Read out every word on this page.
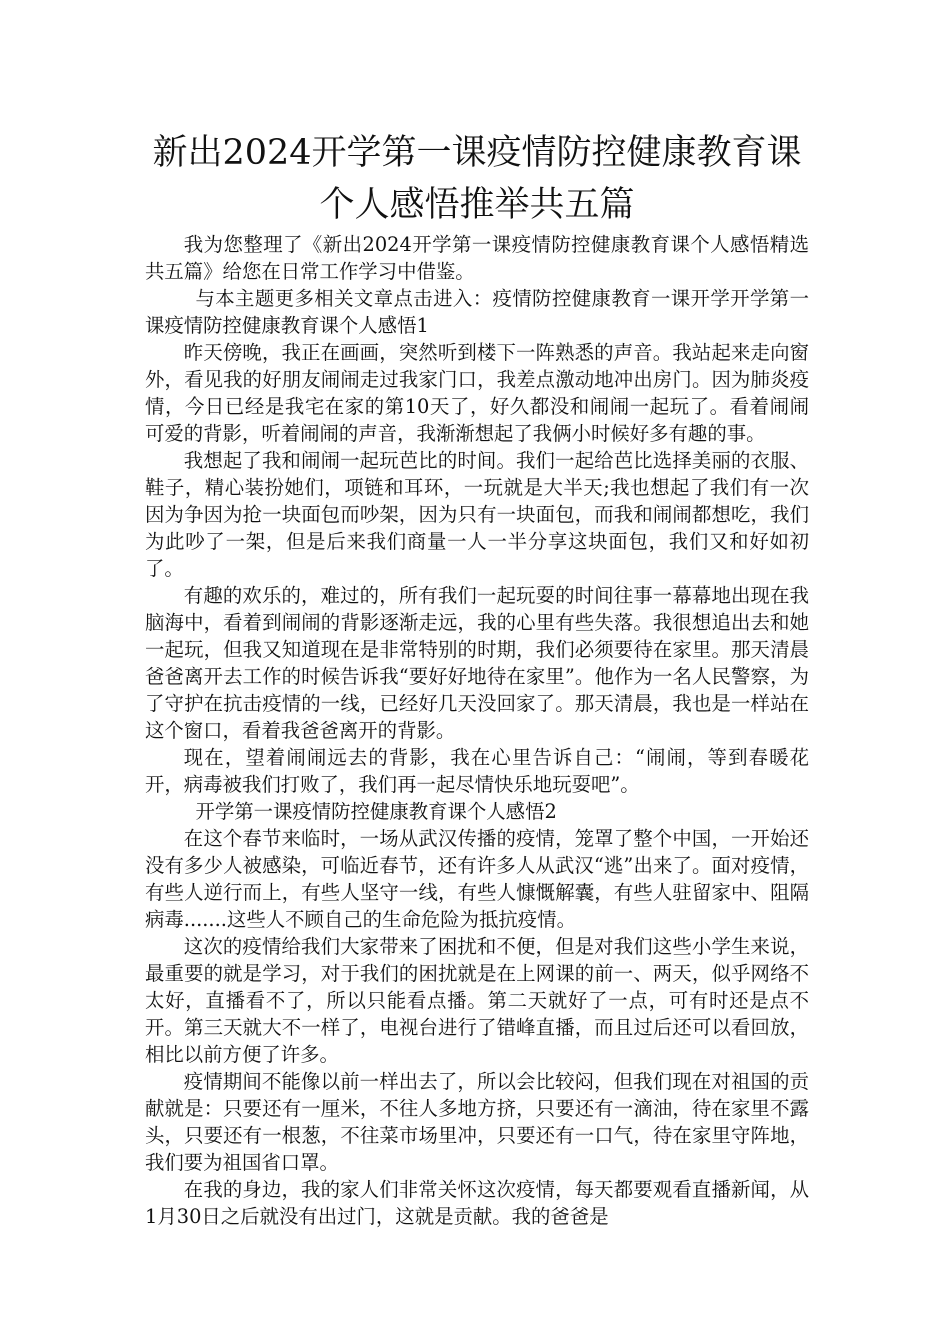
新出2024开学第一课疫情防控健康教育课个人感悟推举共五篇

我为您整理了《新出2024开学第一课疫情防控健康教育课个人感悟精选共五篇》给您在日常工作学习中借鉴。

与本主题更多相关文章点击进入：疫情防控健康教育一课开学开学第一课疫情防控健康教育课个人感悟1

昨天傍晚，我正在画画，突然听到楼下一阵熟悉的声音。我站起来走向窗外，看见我的好朋友闹闹走过我家门口，我差点激动地冲出房门。因为肺炎疫情，今日已经是我宅在家的第10天了，好久都没和闹闹一起玩了。看着闹闹可爱的背影，听着闹闹的声音，我渐渐想起了我俩小时候好多有趣的事。

我想起了我和闹闹一起玩芭比的时间。我们一起给芭比选择美丽的衣服、鞋子，精心装扮她们，项链和耳环，一玩就是大半天;我也想起了我们有一次因为争因为抢一块面包而吵架，因为只有一块面包，而我和闹闹都想吃，我们为此吵了一架，但是后来我们商量一人一半分享这块面包，我们又和好如初了。

有趣的欢乐的，难过的，所有我们一起玩耍的时间往事一幕幕地出现在我脑海中，看着到闹闹的背影逐渐走远，我的心里有些失落。我很想追出去和她一起玩，但我又知道现在是非常特别的时期，我们必须要待在家里。那天清晨爸爸离开去工作的时候告诉我“要好好地待在家里”。他作为一名人民警察，为了守护在抗击疫情的一线，已经好几天没回家了。那天清晨，我也是一样站在这个窗口，看着我爸爸离开的背影。

现在，望着闹闹远去的背影，我在心里告诉自己：“闹闹，等到春暖花开，病毒被我们打败了，我们再一起尽情快乐地玩耍吧”。

开学第一课疫情防控健康教育课个人感悟2

在这个春节来临时，一场从武汉传播的疫情，笼罩了整个中国，一开始还没有多少人被感染，可临近春节，还有许多人从武汉“逃”出来了。面对疫情，有些人逆行而上，有些人坚守一线，有些人慷慨解囊，有些人驻留家中、阻隔病毒.......这些人不顾自己的生命危险为抵抗疫情。

这次的疫情给我们大家带来了困扰和不便，但是对我们这些小学生来说，最重要的就是学习，对于我们的困扰就是在上网课的前一、两天，似乎网络不太好，直播看不了，所以只能看点播。第二天就好了一点，可有时还是点不开。第三天就大不一样了，电视台进行了错峰直播，而且过后还可以看回放，相比以前方便了许多。

疫情期间不能像以前一样出去了，所以会比较闷，但我们现在对祖国的贡献就是：只要还有一厘米，不往人多地方挤，只要还有一滴油，待在家里不露头，只要还有一根葱，不往菜市场里冲，只要还有一口气，待在家里守阵地，我们要为祖国省口罩。

在我的身边，我的家人们非常关怀这次疫情，每天都要观看直播新闻，从1月30日之后就没有出过门，这就是贡献。我的爸爸是
